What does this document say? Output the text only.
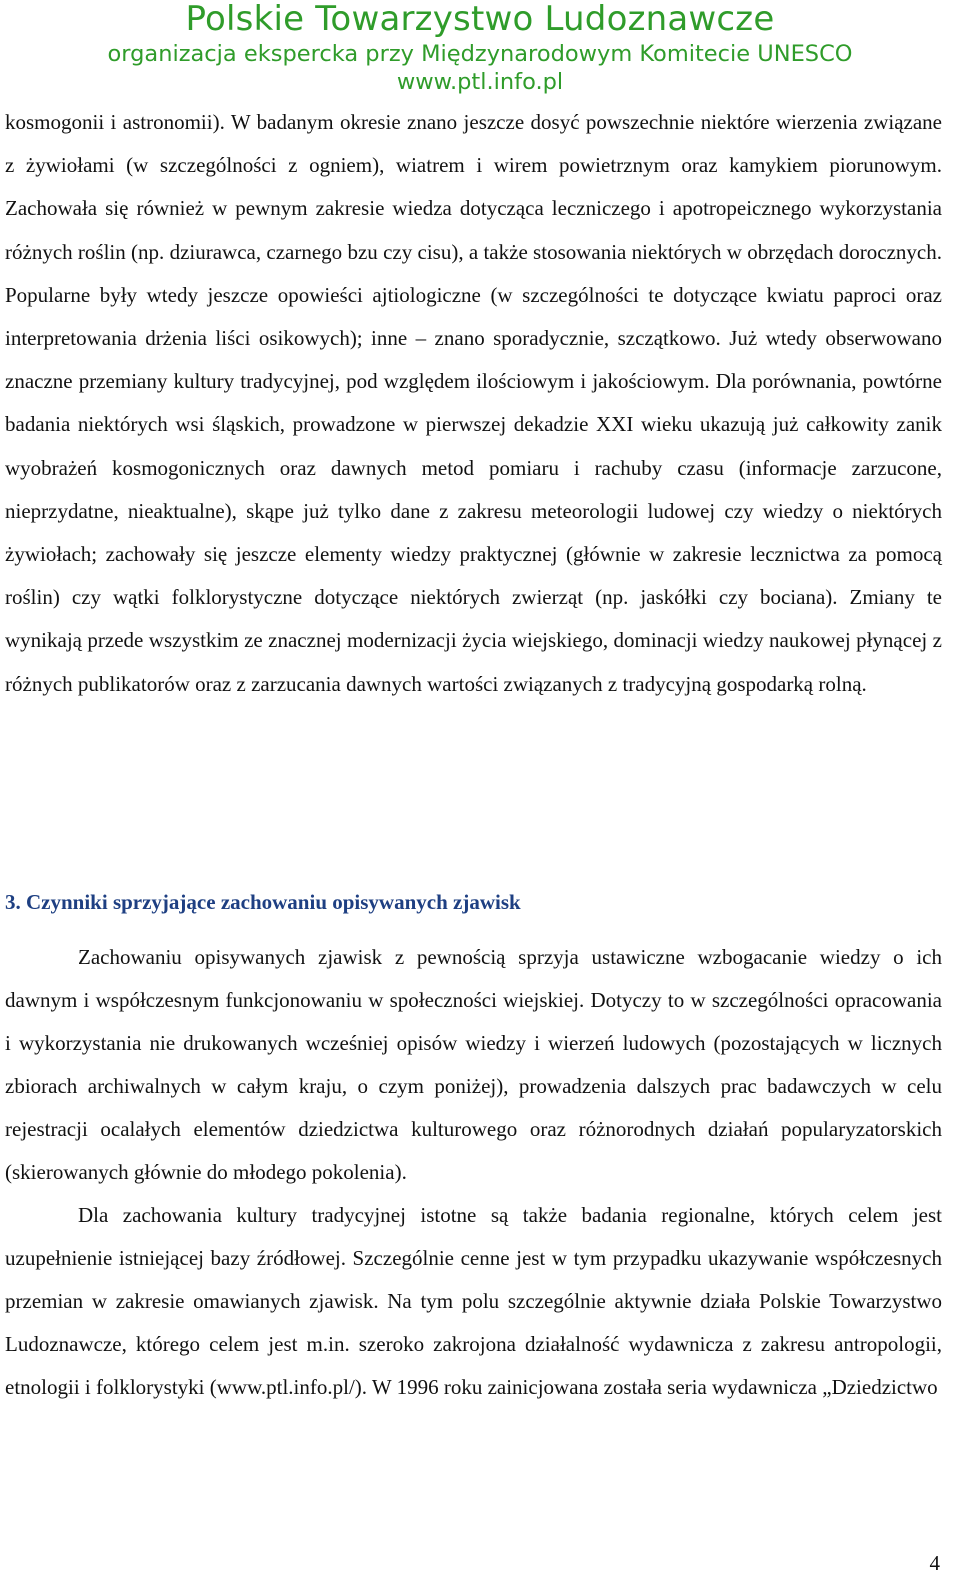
Polskie Towarzystwo Ludoznawcze
organizacja ekspercka przy Międzynarodowym Komitecie UNESCO
www.ptl.info.pl

kosmogonii i astronomii). W badanym okresie znano jeszcze dosyć powszechnie niektóre wierzenia związane z żywiołami (w szczególności z ogniem), wiatrem i wirem powietrznym oraz kamykiem piorunowym. Zachowała się również w pewnym zakresie wiedza dotycząca leczniczego i apotropeicznego wykorzystania różnych roślin (np. dziurawca, czarnego bzu czy cisu), a także stosowania niektórych w obrzędach dorocznych. Popularne były wtedy jeszcze opowieści ajtiologiczne (w szczególności te dotyczące kwiatu paproci oraz interpretowania drżenia liści osikowych); inne – znano sporadycznie, szczątkowo. Już wtedy obserwowano znaczne przemiany kultury tradycyjnej, pod względem ilościowym i jakościowym. Dla porównania, powtórne badania niektórych wsi śląskich, prowadzone w pierwszej dekadzie XXI wieku ukazują już całkowity zanik wyobrażeń kosmogonicznych oraz dawnych metod pomiaru i rachuby czasu (informacje zarzucone, nieprzydatne, nieaktualne), skąpe już tylko dane z zakresu meteorologii ludowej czy wiedzy o niektórych żywiołach; zachowały się jeszcze elementy wiedzy praktycznej (głównie w zakresie lecznictwa za pomocą roślin) czy wątki folklorystyczne dotyczące niektórych zwierząt (np. jaskółki czy bociana). Zmiany te wynikają przede wszystkim ze znacznej modernizacji życia wiejskiego, dominacji wiedzy naukowej płynącej z różnych publikatorów oraz z zarzucania dawnych wartości związanych z tradycyjną gospodarką rolną.

3. Czynniki sprzyjające zachowaniu opisywanych zjawisk

Zachowaniu opisywanych zjawisk z pewnością sprzyja ustawiczne wzbogacanie wiedzy o ich dawnym i współczesnym funkcjonowaniu w społeczności wiejskiej. Dotyczy to w szczególności opracowania i wykorzystania nie drukowanych wcześniej opisów wiedzy i wierzeń ludowych (pozostających w licznych zbiorach archiwalnych w całym kraju, o czym poniżej), prowadzenia dalszych prac badawczych w celu rejestracji ocalałych elementów dziedzictwa kulturowego oraz różnorodnych działań popularyzatorskich (skierowanych głównie do młodego pokolenia).

Dla zachowania kultury tradycyjnej istotne są także badania regionalne, których celem jest uzupełnienie istniejącej bazy źródłowej. Szczególnie cenne jest w tym przypadku ukazywanie współczesnych przemian w zakresie omawianych zjawisk. Na tym polu szczególnie aktywnie działa Polskie Towarzystwo Ludoznawcze, którego celem jest m.in. szeroko zakrojona działalność wydawnicza z zakresu antropologii, etnologii i folklorystyki (www.ptl.info.pl/). W 1996 roku zainicjowana została seria wydawnicza „Dziedzictwo

4
